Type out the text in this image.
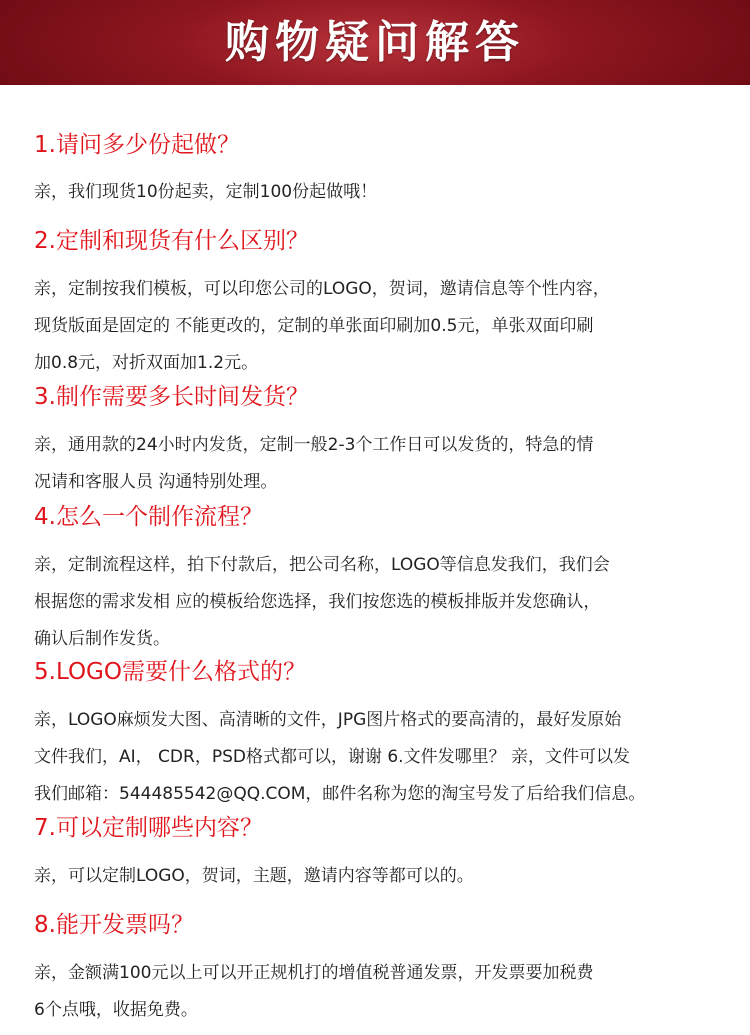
购物疑问解答
1.请问多少份起做？
亲，我们现货10份起卖，定制100份起做哦！
2.定制和现货有什么区别？
亲，定制按我们模板，可以印您公司的LOGO，贺词，邀请信息等个性内容，
现货版面是固定的 不能更改的，定制的单张面印刷加0.5元，单张双面印刷
加0.8元，对折双面加1.2元。
3.制作需要多长时间发货？
亲，通用款的24小时内发货，定制一般2-3个工作日可以发货的，特急的情
况请和客服人员 沟通特别处理。
4.怎么一个制作流程？
亲，定制流程这样，拍下付款后，把公司名称，LOGO等信息发我们，我们会
根据您的需求发相 应的模板给您选择，我们按您选的模板排版并发您确认，
确认后制作发货。
5.LOGO需要什么格式的？
亲，LOGO麻烦发大图、高清晰的文件，JPG图片格式的要高清的，最好发原始
文件我们，AI， CDR，PSD格式都可以，谢谢 6.文件发哪里？ 亲，文件可以发
我们邮箱：544485542@QQ.COM，邮件名称为您的淘宝号发了后给我们信息。
7.可以定制哪些内容？
亲，可以定制LOGO，贺词，主题，邀请内容等都可以的。
8.能开发票吗？
亲，金额满100元以上可以开正规机打的增值税普通发票，开发票要加税费
6个点哦，收据免费。
